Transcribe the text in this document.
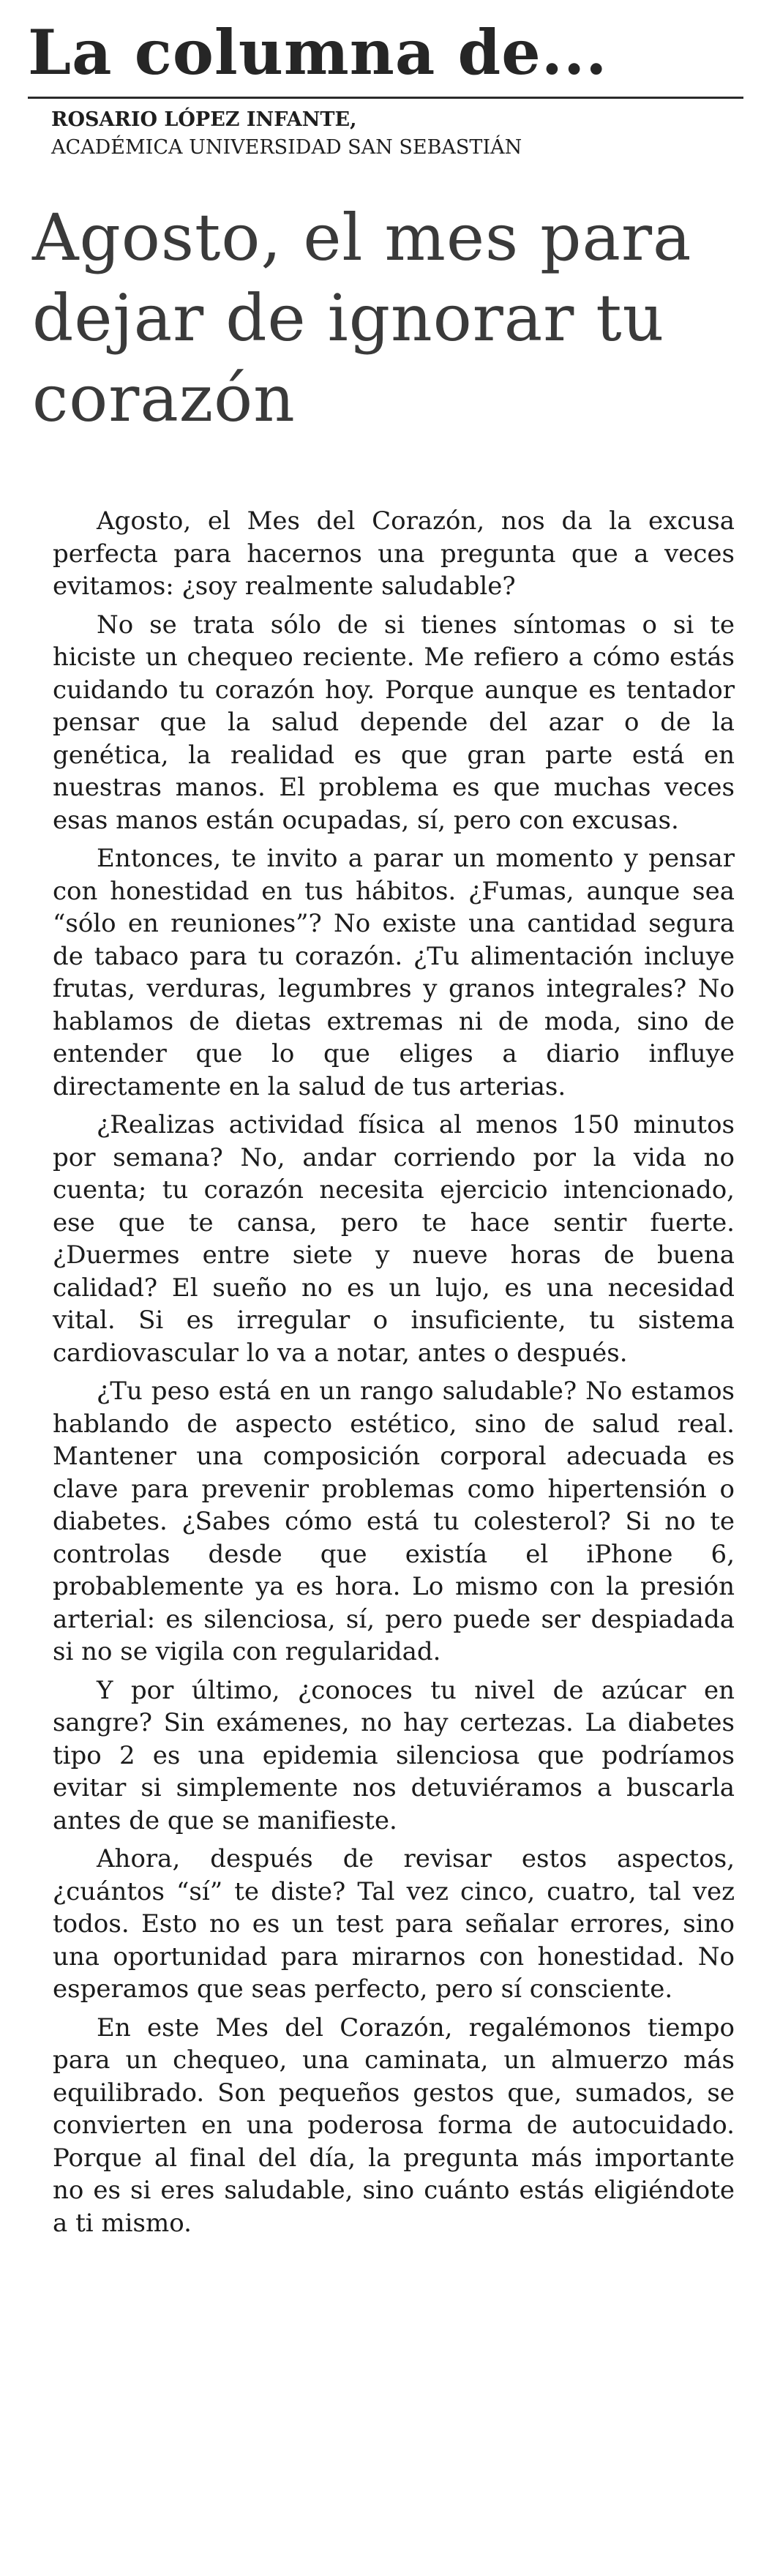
La columna de...

ROSARIO LÓPEZ INFANTE,

ACADÉMICA UNIVERSIDAD SAN SEBASTIÁN

Agosto, el mes para dejar de ignorar tu corazón

Agosto, el Mes del Corazón, nos da la excusa perfecta para hacernos una pregunta que a veces evitamos: ¿soy realmente saludable?

No se trata sólo de si tienes síntomas o si te hiciste un chequeo reciente. Me refiero a cómo estás cuidando tu corazón hoy. Porque aunque es tentador pensar que la salud depende del azar o de la genética, la realidad es que gran parte está en nuestras manos. El problema es que muchas veces esas manos están ocupadas, sí, pero con excusas.

Entonces, te invito a parar un momento y pensar con honestidad en tus hábitos. ¿Fumas, aunque sea “sólo en reuniones”? No existe una cantidad segura de tabaco para tu corazón. ¿Tu alimentación incluye frutas, verduras, legumbres y granos integrales? No hablamos de dietas extremas ni de moda, sino de entender que lo que eliges a diario influye directamente en la salud de tus arterias.

¿Realizas actividad física al menos 150 minutos por semana? No, andar corriendo por la vida no cuenta; tu corazón necesita ejercicio intencionado, ese que te cansa, pero te hace sentir fuerte. ¿Duermes entre siete y nueve horas de buena calidad? El sueño no es un lujo, es una necesidad vital. Si es irregular o insuficiente, tu sistema cardiovascular lo va a notar, antes o después.

¿Tu peso está en un rango saludable? No estamos hablando de aspecto estético, sino de salud real. Mantener una composición corporal adecuada es clave para prevenir problemas como hipertensión o diabetes. ¿Sabes cómo está tu colesterol? Si no te controlas desde que existía el iPhone 6, probablemente ya es hora. Lo mismo con la presión arterial: es silenciosa, sí, pero puede ser despiadada si no se vigila con regularidad.

Y por último, ¿conoces tu nivel de azúcar en sangre? Sin exámenes, no hay certezas. La diabetes tipo 2 es una epidemia silenciosa que podríamos evitar si simplemente nos detuviéramos a buscarla antes de que se manifieste.

Ahora, después de revisar estos aspectos, ¿cuántos “sí” te diste? Tal vez cinco, cuatro, tal vez todos. Esto no es un test para señalar errores, sino una oportunidad para mirarnos con honestidad. No esperamos que seas perfecto, pero sí consciente.

En este Mes del Corazón, regalémonos tiempo para un chequeo, una caminata, un almuerzo más equilibrado. Son pequeños gestos que, sumados, se convierten en una poderosa forma de autocuidado. Porque al final del día, la pregunta más importante no es si eres saludable, sino cuánto estás eligiéndote a ti mismo.
